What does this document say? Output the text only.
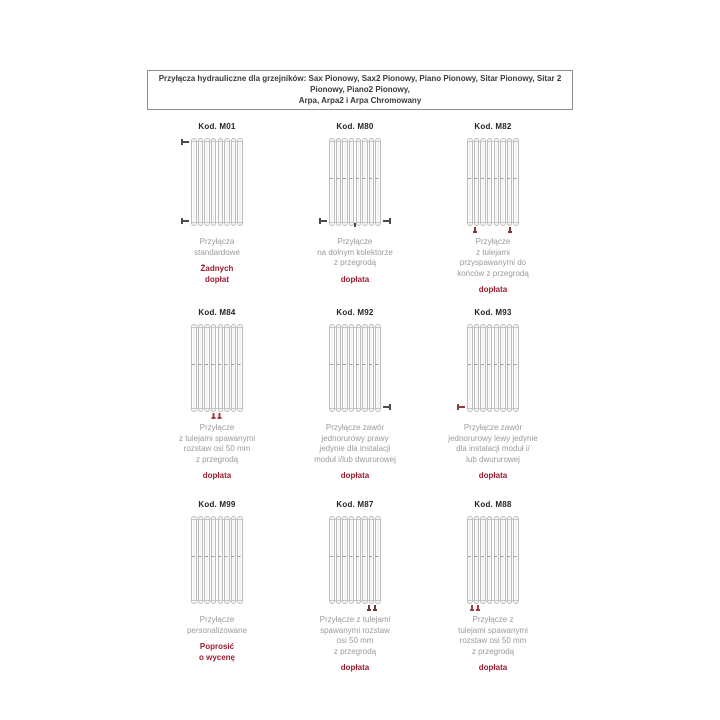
Przyłącza hydrauliczne dla grzejników: Sax Pionowy, Sax2 Pionowy, Piano Pionowy, Sitar Pionowy, Sitar 2 Pionowy, Piano2 Pionowy,
Arpa, Arpa2 i Arpa Chromowany
Kod. M01
Przyłącza
standardowe
Żadnych
dopłat
Kod. M80
Przyłącze
na dolnym kolektorze
z przegrodą
dopłata
Kod. M82
Przyłącze
z tulejami
przyspawanymi do
końców z przegrodą
dopłata
Kod. M84
Przyłącze
z tulejami spawanymi
rozstaw osi 50 mm
z przegrodą
dopłata
Kod. M92
Przyłącze zawór
jednorurowy prawy
jedynie dla instalacji
moduł i/lub dwururowej
dopłata
Kod. M93
Przyłącze zawór
jednorurowy lewy jedynie
dla instalacji moduł i/
lub dwururowej
dopłata
Kod. M99
Przyłącze
personalizowane
Poprosić
o wycenę
Kod. M87
Przyłącze z tulejami
spawanymi rozstaw
osi 50 mm
z przegrodą
dopłata
Kod. M88
Przyłącze z
tulejami spawanymi
rozstaw osi 50 mm
z przegrodą
dopłata
